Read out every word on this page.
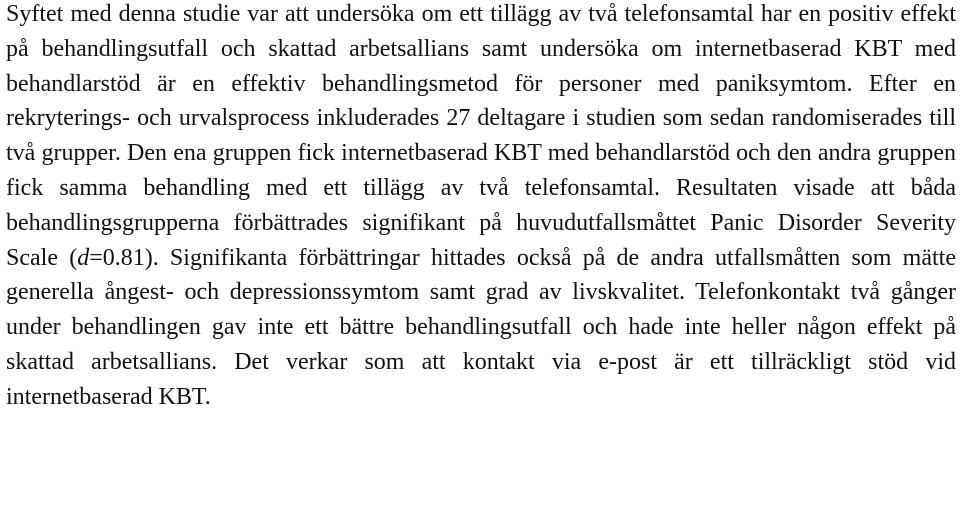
Syftet med denna studie var att undersöka om ett tillägg av två telefonsamtal har en positiv effekt på behandlingsutfall och skattad arbetsallians samt undersöka om internetbaserad KBT med behandlarstöd är en effektiv behandlingsmetod för personer med paniksymtom. Efter en rekryterings- och urvalsprocess inkluderades 27 deltagare i studien som sedan randomiserades till två grupper. Den ena gruppen fick internetbaserad KBT med behandlarstöd och den andra gruppen fick samma behandling med ett tillägg av två telefonsamtal. Resultaten visade att båda behandlingsgrupperna förbättrades signifikant på huvudutfallsmåttet Panic Disorder Severity Scale (d=0.81). Signifikanta förbättringar hittades också på de andra utfallsmåtten som mätte generella ångest- och depressionssymtom samt grad av livskvalitet. Telefonkontakt två gånger under behandlingen gav inte ett bättre behandlingsutfall och hade inte heller någon effekt på skattad arbetsallians. Det verkar som att kontakt via e-post är ett tillräckligt stöd vid internetbaserad KBT.
